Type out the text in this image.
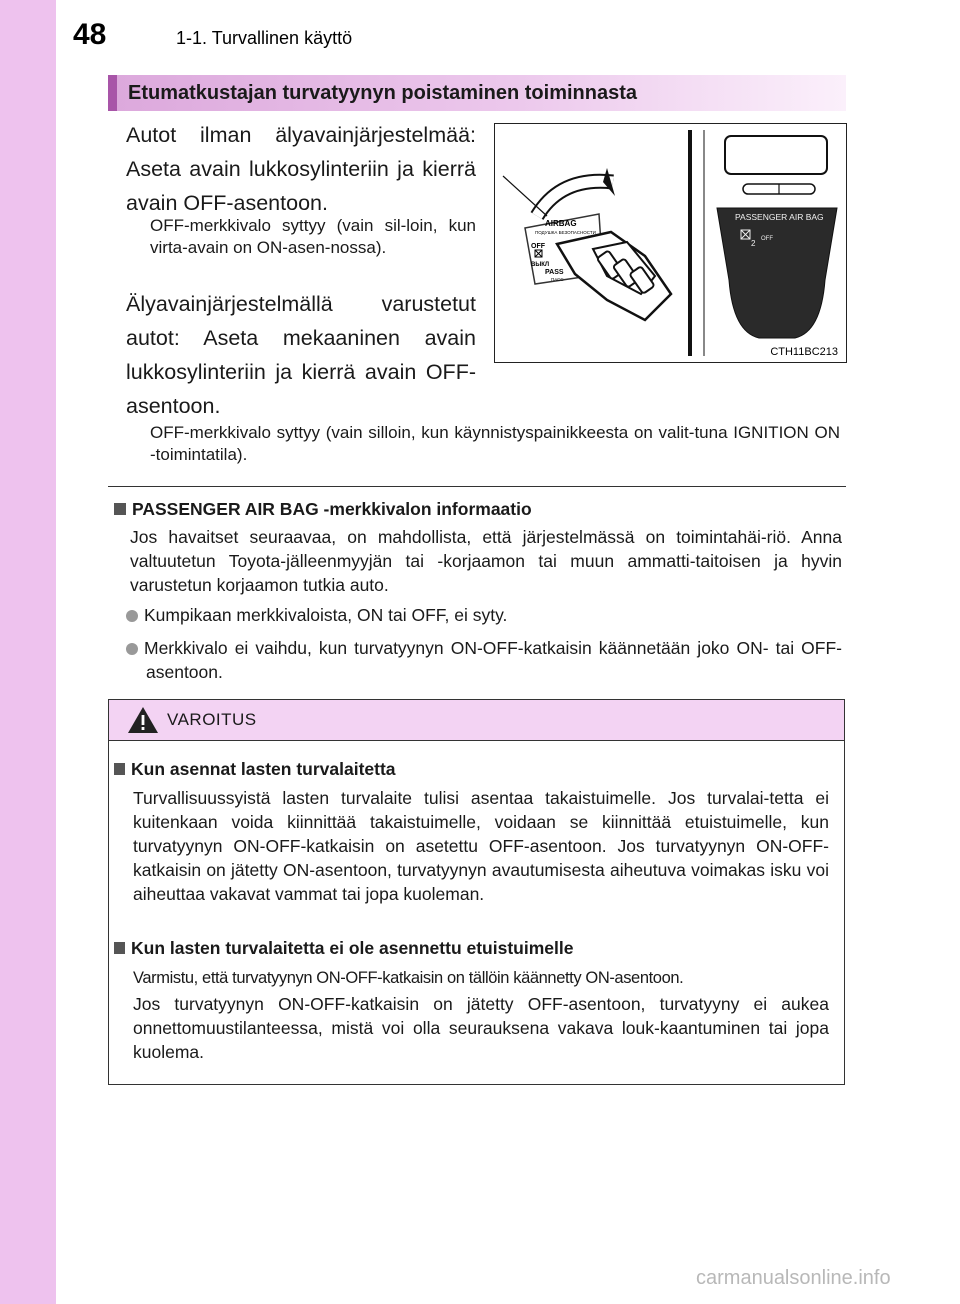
48	1-1. Turvallinen käyttö
Etumatkustajan turvatyynyn poistaminen toiminnasta
Autot ilman älyavainjärjestelmää: Aseta avain lukkosylinteriin ja kierrä avain OFF-asentoon.
OFF-merkkivalo syttyy (vain sil-loin, kun virta-avain on ON-asen-nossa).
Älyavainjärjestelmällä varustetut autot: Aseta mekaaninen avain lukkosylinteriin ja kierrä avain OFF-asentoon.
OFF-merkkivalo syttyy (vain silloin, kun käynnistyspainikkeesta on valit-tuna IGNITION ON -toimintatila).
AIRBAG
ПОДУШКА БЕЗОПАСНОСТИ
OFF
ВЫКЛ
PASS
ПАСС
PASSENGER AIR BAG
2 OFF
CTH11BC213
PASSENGER AIR BAG -merkkivalon informaatio
Jos havaitset seuraavaa, on mahdollista, että järjestelmässä on toimintahäi-riö. Anna valtuutetun Toyota-jälleenmyyjän tai -korjaamon tai muun ammatti-taitoisen ja hyvin varustetun korjaamon tutkia auto.
Kumpikaan merkkivaloista, ON tai OFF, ei syty.
Merkkivalo ei vaihdu, kun turvatyynyn ON-OFF-katkaisin käännetään joko ON- tai OFF-asentoon.
VAROITUS
Kun asennat lasten turvalaitetta
Turvallisuussyistä lasten turvalaite tulisi asentaa takaistuimelle. Jos turvalai-tetta ei kuitenkaan voida kiinnittää takaistuimelle, voidaan se kiinnittää etuistuimelle, kun turvatyynyn ON-OFF-katkaisin on asetettu OFF-asentoon. Jos turvatyynyn ON-OFF-katkaisin on jätetty ON-asentoon, turvatyynyn avautumisesta aiheutuva voimakas isku voi aiheuttaa vakavat vammat tai jopa kuoleman.
Kun lasten turvalaitetta ei ole asennettu etuistuimelle
Varmistu, että turvatyynyn ON-OFF-katkaisin on tällöin käännetty ON-asentoon.
Jos turvatyynyn ON-OFF-katkaisin on jätetty OFF-asentoon, turvatyyny ei aukea onnettomuustilanteessa, mistä voi olla seurauksena vakava louk-kaantuminen tai jopa kuolema.
carmanualsonline.info
